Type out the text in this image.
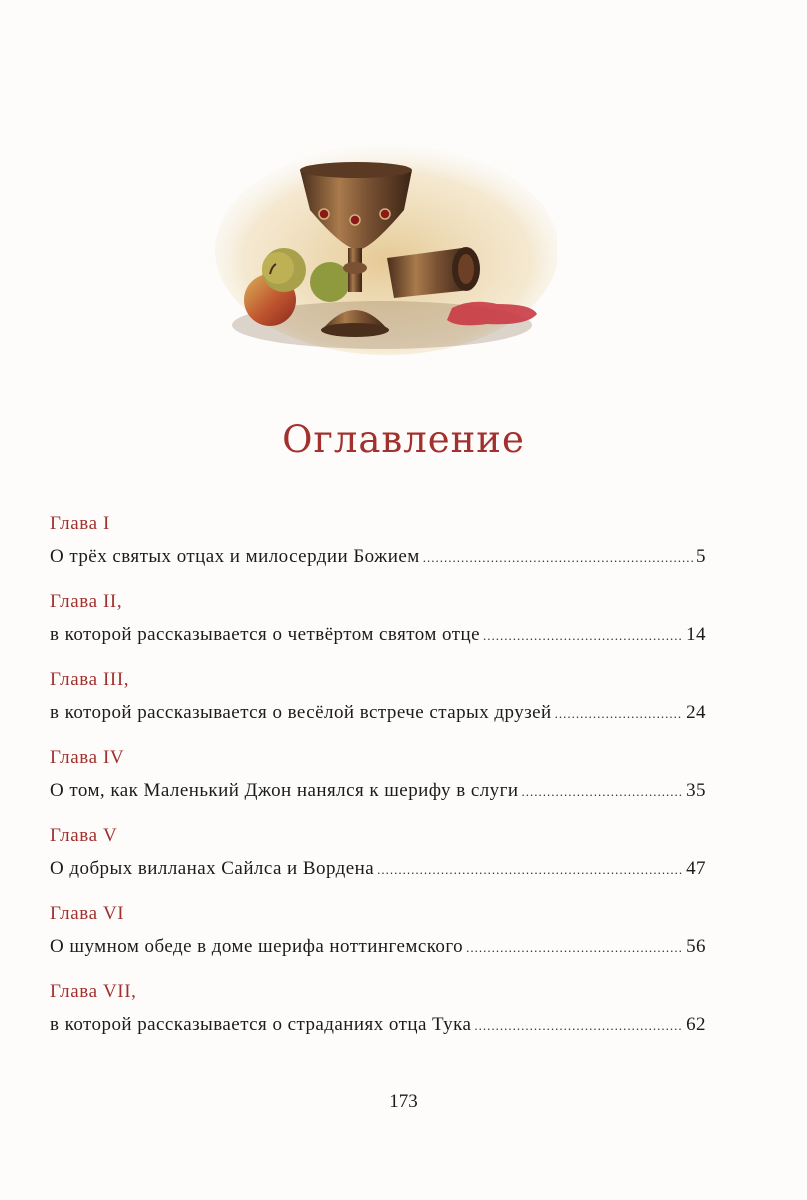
Оглавление
Глава I
О трёх святых отцах и милосердии Божием .....	5
Глава II,
в которой рассказывается о четвёртом святом отце .....	14
Глава III,
в которой рассказывается о весёлой встрече старых друзей .....	24
Глава IV
О том, как Маленький Джон нанялся к шерифу в слуги .....	35
Глава V
О добрых вилланах Сайлса и Вордена .....	47
Глава VI
О шумном обеде в доме шерифа ноттингемского .....	56
Глава VII,
в которой рассказывается о страданиях отца Тука .....	62
173
